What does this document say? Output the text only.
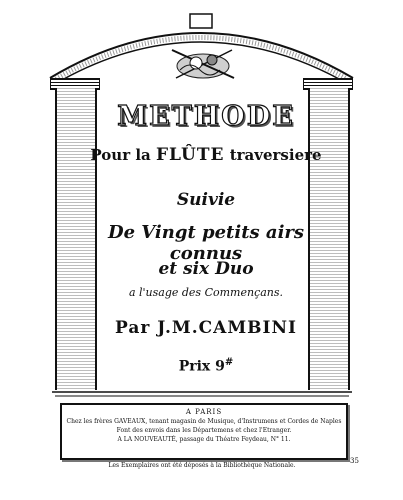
METHODE
Pour la FLÛTE traversiere
Suivie
De Vingt petits airs connus
et six Duo
a l'usage des Commençans.
Par J.M.CAMBINI
Prix 9#
A PARIS
Chez les frères GAVEAUX, tenant magasin de Musique, d'Instrumens et Cordes de Naples
Font des envois dans les Départemens et chez l'Etranger.
A LA NOUVEAUTÉ, passage du Théatre Feydeau, N° 11.
Les Exemplaires ont été déposés à la Bibliothèque Nationale.
35
